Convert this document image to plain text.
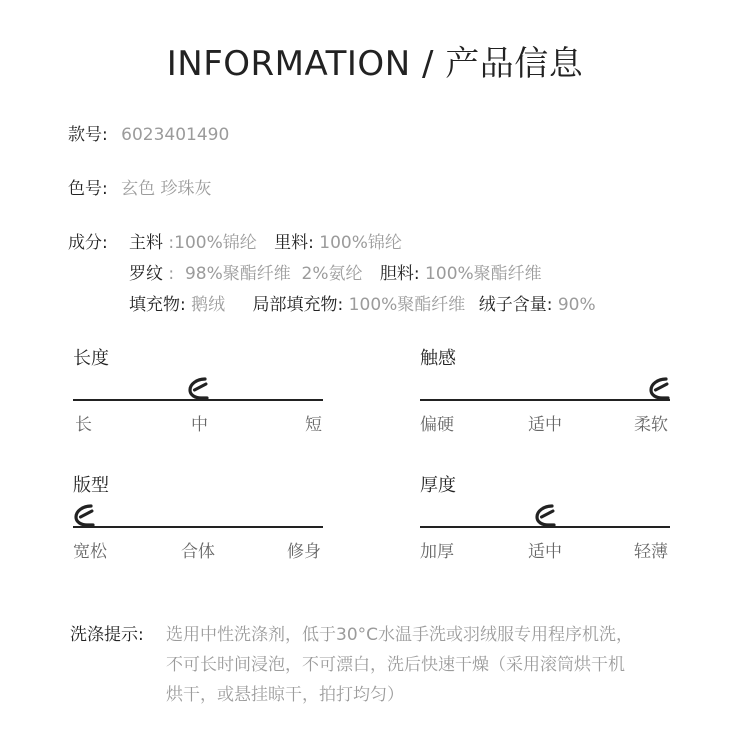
INFORMATION / 产品信息
款号: 6023401490
色号: 玄色 珍珠灰
成分: 主料 :100%锦纶 里料: 100%锦纶
罗纹 :  98%聚酯纤维  2%氨纶 胆料: 100%聚酯纤维
填充物: 鹅绒 局部填充物: 100%聚酯纤维 绒子含量: 90%
长度
长	中	短
触感
偏硬	适中	柔软
版型
宽松	合体	修身
厚度
加厚	适中	轻薄
洗涤提示: 选用中性洗涤剂，低于30°C水温手洗或羽绒服专用程序机洗，
不可长时间浸泡，不可漂白，洗后快速干燥（采用滚筒烘干机
烘干，或悬挂晾干，拍打均匀）
